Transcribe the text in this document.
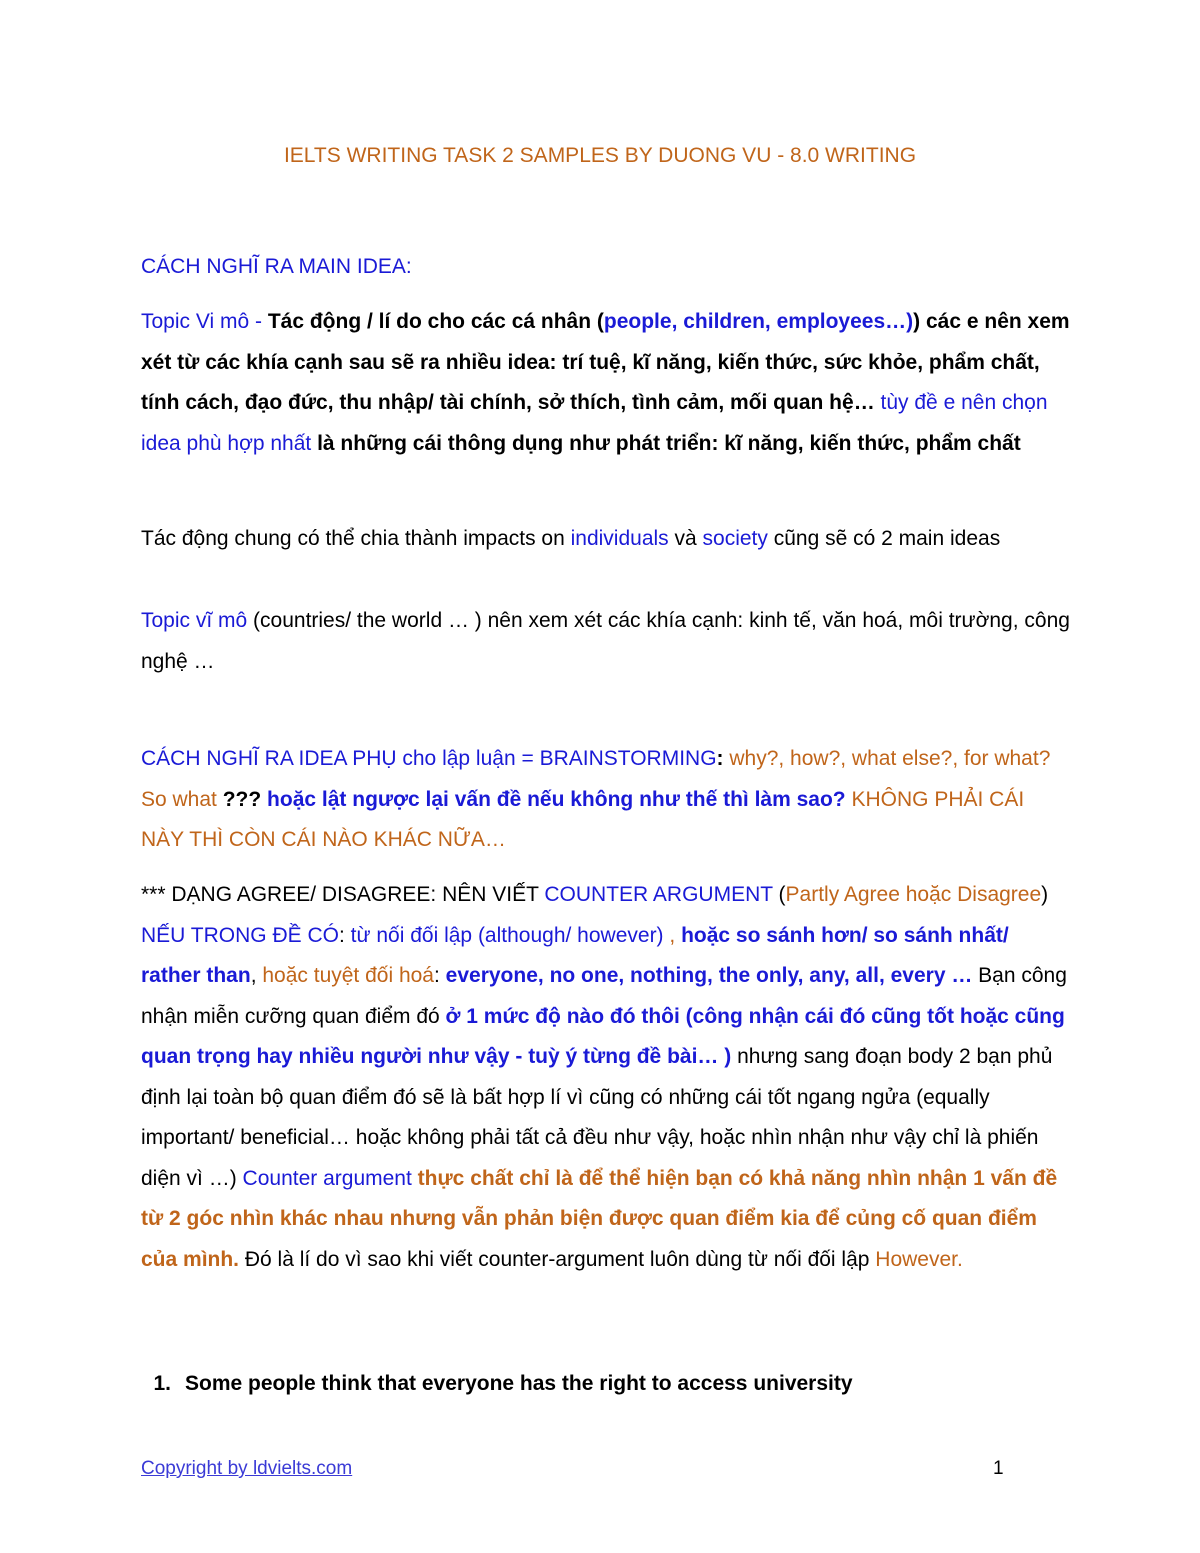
IELTS WRITING TASK 2 SAMPLES BY DUONG VU - 8.0 WRITING
CÁCH NGHĨ RA MAIN IDEA:
Topic Vi mô - Tác động / lí do cho các cá nhân (people, children, employees…)) các e nên xem xét từ các khía cạnh sau sẽ ra nhiều idea: trí tuệ, kĩ năng, kiến thức, sức khỏe, phẩm chất, tính cách, đạo đức, thu nhập/ tài chính, sở thích, tình cảm, mối quan hệ… tùy đề e nên chọn idea phù hợp nhất là những cái thông dụng như phát triển: kĩ năng, kiến thức, phẩm chất
Tác động chung có thể chia thành impacts on individuals và society cũng sẽ có 2 main ideas
Topic vĩ mô (countries/ the world … ) nên xem xét các khía cạnh: kinh tế, văn hoá, môi trường, công nghệ …
CÁCH NGHĨ RA IDEA PHỤ cho lập luận = BRAINSTORMING: why?, how?, what else?, for what? So what ??? hoặc lật ngược lại vấn đề nếu không như thế thì làm sao? KHÔNG PHẢI CÁI NÀY THÌ CÒN CÁI NÀO KHÁC NỮA…
*** DẠNG AGREE/ DISAGREE: NÊN VIẾT COUNTER ARGUMENT (Partly Agree hoặc Disagree) NẾU TRONG ĐỀ CÓ: từ nối đối lập (although/ however) , hoặc so sánh hơn/ so sánh nhất/ rather than, hoặc tuyệt đối hoá: everyone, no one, nothing, the only, any, all, every … Bạn công nhận miễn cưỡng quan điểm đó ở 1 mức độ nào đó thôi (công nhận cái đó cũng tốt hoặc cũng quan trọng hay nhiều người như vậy - tuỳ ý từng đề bài… ) nhưng sang đoạn body 2 bạn phủ định lại toàn bộ quan điểm đó sẽ là bất hợp lí vì cũng có những cái tốt ngang ngửa (equally important/ beneficial… hoặc không phải tất cả đều như vậy, hoặc nhìn nhận như vậy chỉ là phiến diện vì …) Counter argument thực chất chỉ là để thể hiện bạn có khả năng nhìn nhận 1 vấn đề từ 2 góc nhìn khác nhau nhưng vẫn phản biện được quan điểm kia để củng cố quan điểm của mình. Đó là lí do vì sao khi viết counter-argument luôn dùng từ nối đối lập However.
1. Some people think that everyone has the right to access university
Copyright by ldvielts.com	1
